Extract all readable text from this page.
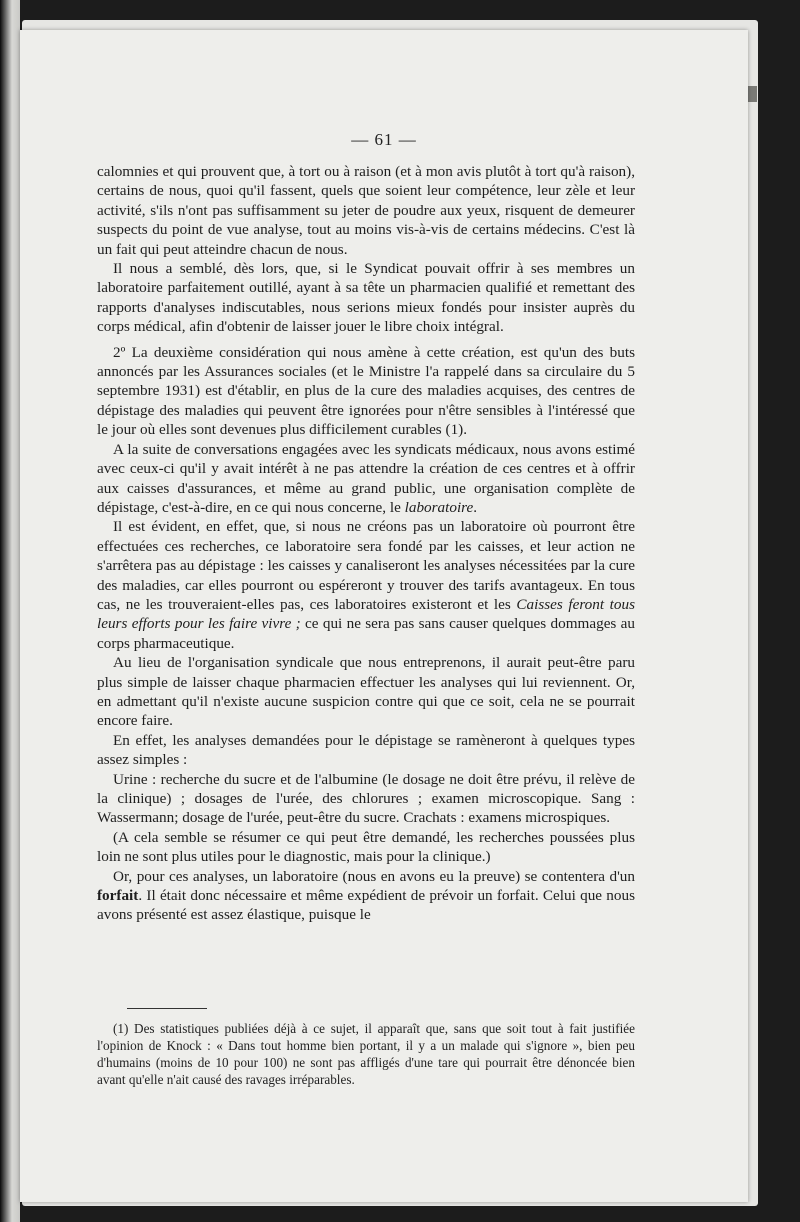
— 61 —

calomnies et qui prouvent que, à tort ou à raison (et à mon avis plutôt à tort qu'à raison), certains de nous, quoi qu'il fassent, quels que soient leur compétence, leur zèle et leur activité, s'ils n'ont pas suffisamment su jeter de poudre aux yeux, risquent de demeurer suspects du point de vue analyse, tout au moins vis-à-vis de certains médecins. C'est là un fait qui peut atteindre chacun de nous.

Il nous a semblé, dès lors, que, si le Syndicat pouvait offrir à ses membres un laboratoire parfaitement outillé, ayant à sa tête un pharmacien qualifié et remettant des rapports d'analyses indiscutables, nous serions mieux fondés pour insister auprès du corps médical, afin d'obtenir de laisser jouer le libre choix intégral.

2º La deuxième considération qui nous amène à cette création, est qu'un des buts annoncés par les Assurances sociales (et le Ministre l'a rappelé dans sa circulaire du 5 septembre 1931) est d'établir, en plus de la cure des maladies acquises, des centres de dépistage des maladies qui peuvent être ignorées pour n'être sensibles à l'intéressé que le jour où elles sont devenues plus difficilement curables (1).

A la suite de conversations engagées avec les syndicats médicaux, nous avons estimé avec ceux-ci qu'il y avait intérêt à ne pas attendre la création de ces centres et à offrir aux caisses d'assurances, et même au grand public, une organisation complète de dépistage, c'est-à-dire, en ce qui nous concerne, le laboratoire.

Il est évident, en effet, que, si nous ne créons pas un laboratoire où pourront être effectuées ces recherches, ce laboratoire sera fondé par les caisses, et leur action ne s'arrêtera pas au dépistage : les caisses y canaliseront les analyses nécessitées par la cure des maladies, car elles pourront ou espéreront y trouver des tarifs avantageux. En tous cas, ne les trouveraient-elles pas, ces laboratoires existeront et les Caisses feront tous leurs efforts pour les faire vivre ; ce qui ne sera pas sans causer quelques dommages au corps pharmaceutique.

Au lieu de l'organisation syndicale que nous entreprenons, il aurait peut-être paru plus simple de laisser chaque pharmacien effectuer les analyses qui lui reviennent. Or, en admettant qu'il n'existe aucune suspicion contre qui que ce soit, cela ne se pourrait encore faire.

En effet, les analyses demandées pour le dépistage se ramèneront à quelques types assez simples :

Urine : recherche du sucre et de l'albumine (le dosage ne doit être prévu, il relève de la clinique) ; dosages de l'urée, des chlorures ; examen microscopique. Sang : Wassermann; dosage de l'urée, peut-être du sucre. Crachats : examens microspiques.

(A cela semble se résumer ce qui peut être demandé, les recherches poussées plus loin ne sont plus utiles pour le diagnostic, mais pour la clinique.)

Or, pour ces analyses, un laboratoire (nous en avons eu la preuve) se contentera d'un forfait. Il était donc nécessaire et même expédient de prévoir un forfait. Celui que nous avons présenté est assez élastique, puisque le

(1) Des statistiques publiées déjà à ce sujet, il apparaît que, sans que soit tout à fait justifiée l'opinion de Knock : « Dans tout homme bien portant, il y a un malade qui s'ignore », bien peu d'humains (moins de 10 pour 100) ne sont pas affligés d'une tare qui pourrait être dénoncée bien avant qu'elle n'ait causé des ravages irréparables.
